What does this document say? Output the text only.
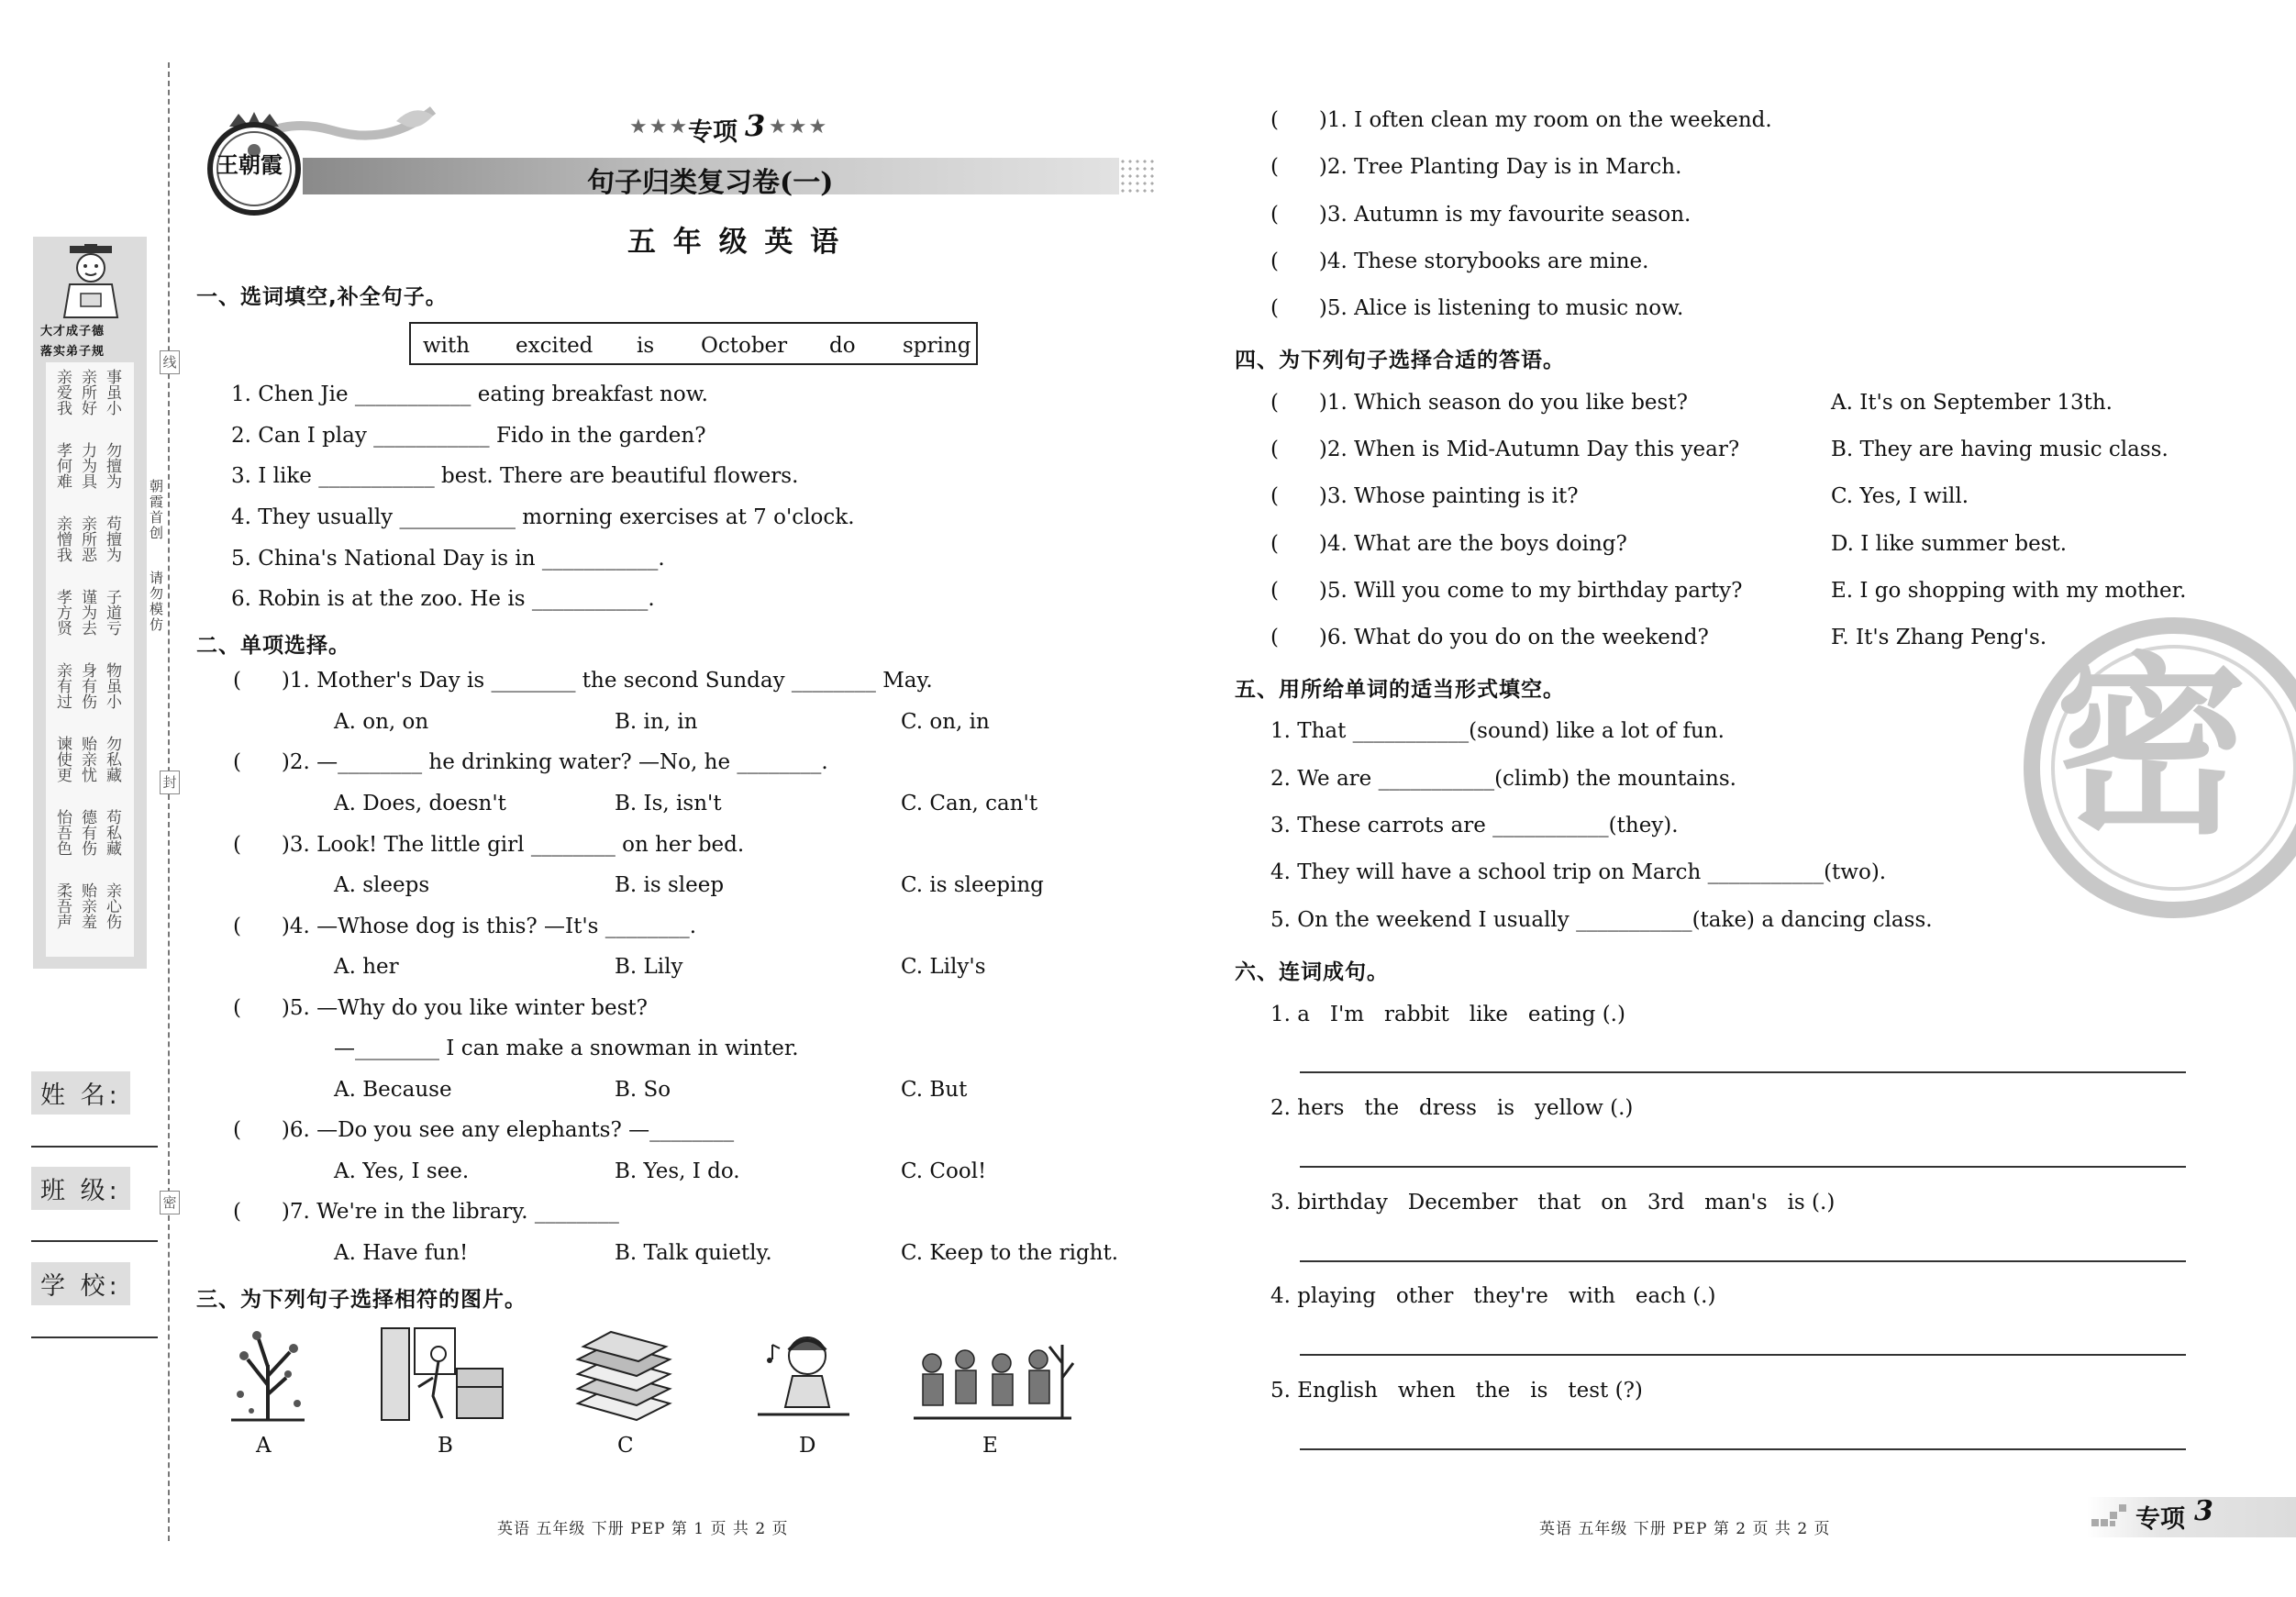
大才成子德
落实弟子规
亲爱我 亲所好 事虽小
孝何难 力为具 勿擅为
亲憎我 亲所恶 苟擅为
孝方贤 谨为去 子道亏
亲有过 身有伤 物虽小
谏使更 贻亲忧 勿私藏
怡吾色 德有伤 苟私藏
柔吾声 贻亲羞 亲心伤
线
封
密
朝霞首创
请勿模仿
姓 名:
班 级:
学 校:
王朝霞
★★★
专项 3 ★★★
句子归类复习卷(一)
五 年 级 英 语
一、选词填空,补全句子。
with excited is October do spring
1. Chen Jie ___________ eating breakfast now.
2. Can I play ___________ Fido in the garden?
3. I like ___________ best. There are beautiful flowers.
4. They usually ___________ morning exercises at 7 o'clock.
5. China's National Day is in ___________.
6. Robin is at the zoo. He is ___________.
二、单项选择。
(      )1. Mother's Day is ________ the second Sunday ________ May.
A. on, on	B. in, in	C. on, in
(      )2. —________ he drinking water? —No, he ________.
A. Does, doesn't	B. Is, isn't	C. Can, can't
(      )3. Look! The little girl ________ on her bed.
A. sleeps	B. is sleep	C. is sleeping
(      )4. —Whose dog is this? —It's ________.
A. her	B. Lily	C. Lily's
(      )5. —Why do you like winter best?
—________ I can make a snowman in winter.
A. Because	B. So	C. But
(      )6. —Do you see any elephants? —________
A. Yes, I see.	B. Yes, I do.	C. Cool!
(      )7. We're in the library. ________
A. Have fun!	B. Talk quietly.	C. Keep to the right.
三、为下列句子选择相符的图片。
A	B	C	D	E
英语 五年级 下册 PEP 第 1 页 共 2 页
(      )1. I often clean my room on the weekend.
(      )2. Tree Planting Day is in March.
(      )3. Autumn is my favourite season.
(      )4. These storybooks are mine.
(      )5. Alice is listening to music now.
四、为下列句子选择合适的答语。
(      )1. Which season do you like best?	A. It's on September 13th.
(      )2. When is Mid-Autumn Day this year?	B. They are having music class.
(      )3. Whose painting is it?	C. Yes, I will.
(      )4. What are the boys doing?	D. I like summer best.
(      )5. Will you come to my birthday party?	E. I go shopping with my mother.
(      )6. What do you do on the weekend?	F. It's Zhang Peng's. 密
五、用所给单词的适当形式填空。
1. That ___________(sound) like a lot of fun.
2. We are ___________(climb) the mountains.
3. These carrots are ___________(they).
4. They will have a school trip on March ___________(two).
5. On the weekend I usually ___________(take) a dancing class.
六、连词成句。
1. a   I'm   rabbit   like   eating (.)
2. hers   the   dress   is   yellow (.)
3. birthday   December   that   on   3rd   man's   is (.)
4. playing   other   they're   with   each (.)
5. English   when   the   is   test (?)
英语 五年级 下册 PEP 第 2 页 共 2 页	专项 3
